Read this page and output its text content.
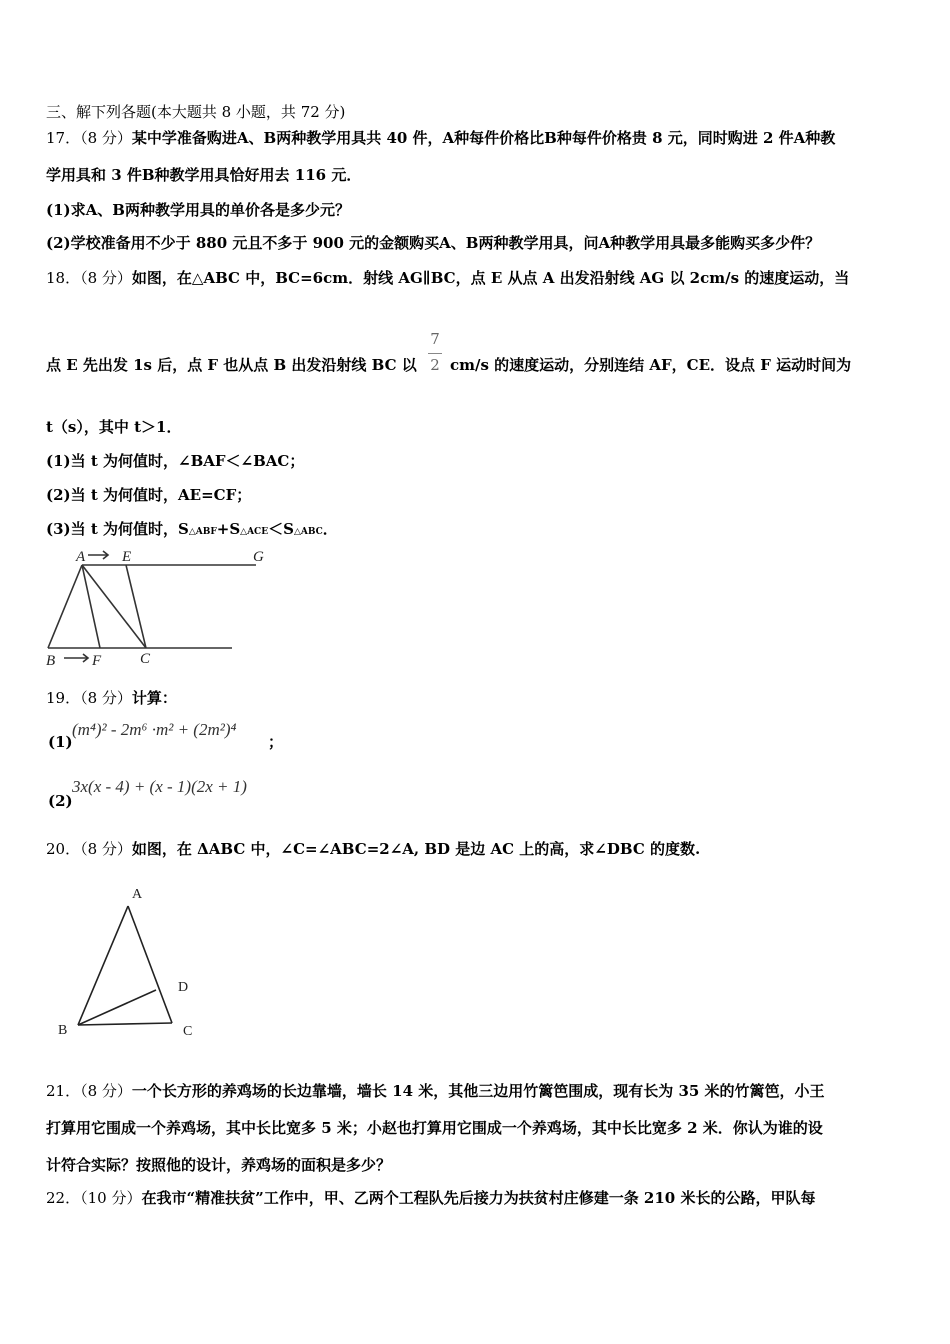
三、解下列各题(本大题共 8 小题，共 72 分)
17．（8 分）某中学准备购进A、B两种教学用具共 40 件，A种每件价格比B种每件价格贵 8 元，同时购进 2 件A种教
学用具和 3 件B种教学用具恰好用去 116 元．
(1)求A、B两种教学用具的单价各是多少元？
(2)学校准备用不少于 880 元且不多于 900 元的金额购买A、B两种教学用具，问A种教学用具最多能购买多少件？
18．（8 分）如图，在△ABC 中，BC=6cm．射线 AG∥BC，点 E 从点 A 出发沿射线 AG 以 2cm/s 的速度运动，当
7
2
点 E 先出发 1s 后，点 F 也从点 B 出发沿射线 BC 以 cm/s 的速度运动，分别连结 AF，CE．设点 F 运动时间为
t（s），其中 t＞1．
(1)当 t 为何值时，∠BAF＜∠BAC；
(2)当 t 为何值时，AE=CF；
(3)当 t 为何值时，S△ABF+S△ACE＜S△ABC．
A E	G
B F	C
19．（8 分）计算：
(1)
(m⁴)² - 2m⁶ ·m² + (2m²)⁴
；
(2)
3x(x - 4) + (x - 1)(2x + 1)
20．（8 分）如图，在 ΔABC 中，∠C=∠ABC=2∠A, BD 是边 AC 上的高，求∠DBC 的度数.
A
B	C
D
21．（8 分）一个长方形的养鸡场的长边靠墙，墙长 14 米，其他三边用竹篱笆围成，现有长为 35 米的竹篱笆，小王
打算用它围成一个养鸡场，其中长比宽多 5 米；小赵也打算用它围成一个养鸡场，其中长比宽多 2 米．你认为谁的设
计符合实际？按照他的设计，养鸡场的面积是多少？
22．（10 分）在我市“精准扶贫”工作中，甲、乙两个工程队先后接力为扶贫村庄修建一条 210 米长的公路，甲队每
